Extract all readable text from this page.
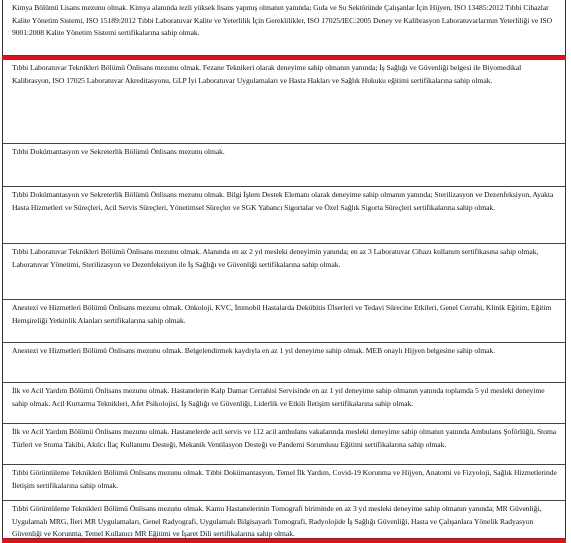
Kimya Bölümü Lisans mezunu olmak. Kimya alanında tezli yüksek lisans yapmış olmanın yanında; Gıda ve Su Sektöründe Çalışanlar İçin Hijyen, ISO 13485:2012 Tıbbi Cihazlar Kalite Yönetim Sistemi, ISO 15189:2012 Tıbbi Laboratuvar Kalite ve Yeterlilik İçin Gereklilikler, ISO 17025/IEC:2005 Deney ve Kalibrasyon Laboratuvarlarının Yeterliliği ve ISO 9001:2008 Kalite Yönetim Sistemi sertifikalarına sahip olmak.
Tıbbi Laboratuvar Teknikleri Bölümü Önlisans mezunu olmak. Fezane Teknikeri olarak deneyime sahip olmanın yanında; İş Sağlığı ve Güvenliği belgesi ile Biyomedikal Kalibrasyon, ISO 17025 Laboratuvar Akreditasyonu, GLP İyi Laboratuvar Uygulamaları ve Hasta Hakları ve Sağlık Hukuku eğitimi sertifikalarına sahip olmak.
Tıbbi Dokümantasyon ve Sekreterlik Bölümü Önlisans mezunu olmak.
Tıbbi Dokümantasyon ve Sekreterlik Bölümü Önlisans mezunu olmak. Bilgi İşlem Destek Elemanı olarak deneyime sahip olmanın yanında; Sterilizasyon ve Dezenfeksiyon, Ayakta Hasta Hizmetleri ve Süreçleri, Acil Servis Süreçleri, Yönetimsel Süreçler ve SGK Yabancı Sigortalar ve Özel Sağlık Sigorta Süreçleri sertifikalarına sahip olmak.
Tıbbi Laboratuvar Teknikleri Bölümü Önlisans mezunu olmak. Alanında en az 2 yıl mesleki deneyimin yanında; en az 3 Laboratuvar Cihazı kullanım sertifikasına sahip olmak, Laboratuvar Yönetimi, Sterilizasyon ve Dezenfeksiyon ile İş Sağlığı ve Güvenliği sertifikalarına sahip olmak.
Anestezi ve Hizmetleri Bölümü Önlisans mezunu olmak. Onkoloji, KVC, İmmobil Hastalarda Dekübitis Ülserleri ve Tedavi Sürecine Etkileri, Genel Cerrahi, Klinik Eğitim, Eğitim Hemşireliği Yetkinlik Alanları sertifikalarına sahip olmak.
Anestezi ve Hizmetleri Bölümü Önlisans mezunu olmak. Belgelendirmek kaydıyla en az 1 yıl deneyime sahip olmak. MEB onaylı Hijyen belgesine sahip olmak.
İlk ve Acil Yardım Bölümü Önlisans mezunu olmak. Hastanelerin Kalp Damar Cerrahisi Servisinde en az 1 yıl deneyime sahip olmanın yanında toplamda 5 yıl mesleki deneyime sahip olmak. Acil Kurtarma Teknikleri, Afet Psikolojisi, İş Sağlığı ve Güvenliği, Liderlik ve Etkili İletişim sertifikalarına sahip olmak.
İlk ve Acil Yardım Bölümü Önlisans mezunu olmak. Hastanelerde acil servis ve 112 acil ambulans vakalarında mesleki deneyime sahip olmanın yanında Ambulans Şoförlüğü, Stoma Türleri ve Stoma Takibi, Akılcı İlaç Kullanımı Desteği, Mekanik Ventilasyon Desteği ve Pandemi Sorumlusu Eğitimi sertifikalarına sahip olmak.
Tıbbi Görüntüleme Teknikleri Bölümü Önlisans mezunu olmak. Tıbbi Dokümantasyon, Temel İlk Yardım, Covid-19 Korunma ve Hijyen, Anatomi ve Fizyoloji, Sağlık Hizmetlerinde İletişim sertifikalarına sahip olmak.
Tıbbi Görüntüleme Teknikleri Bölümü Önlisans mezunu olmak. Kamu Hastanelerinin Tomografi biriminde en az 3 yıl mesleki deneyime sahip olmanın yanında; MR Güvenliği, Uygulamalı MRG, İleri MR Uygulamaları, Genel Radyografi, Uygulamalı Bilgisayarlı Tomografi, Radyolojide İş Sağlığı Güvenliği, Hasta ve Çalışanlara Yönelik Radyasyon Güvenliği ve Korunma, Temel Kullanıcı MR Eğitimi ve İşaret Dili sertifikalarına sahip olmak.
